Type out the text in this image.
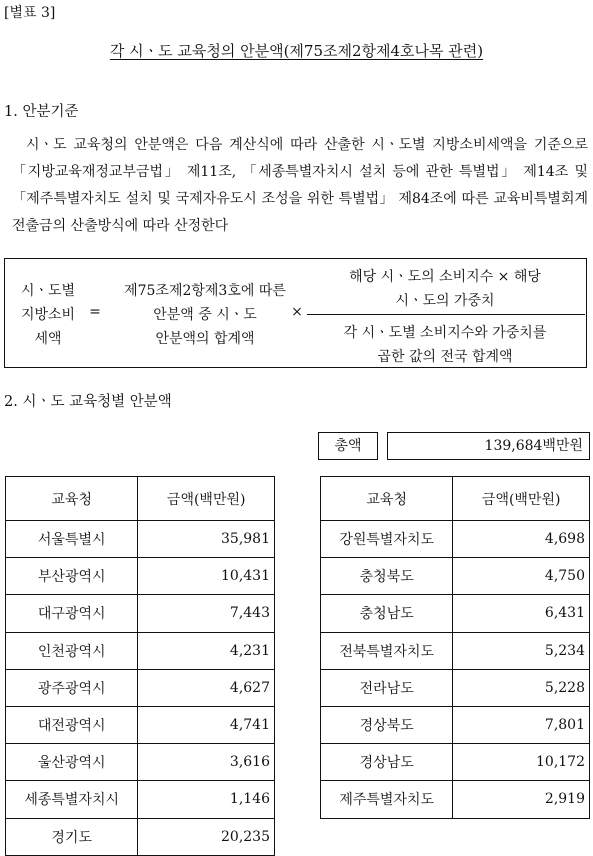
[별표 3]
각 시ㆍ도 교육청의 안분액(제75조제2항제4호나목 관련)
1. 안분기준
시ㆍ도 교육청의 안분액은 다음 계산식에 따라 산출한 시ㆍ도별 지방소비세액을 기준으로 「지방교육재정교부금법」 제11조, 「세종특별자치시 설치 등에 관한 특별법」 제14조 및 「제주특별자치도 설치 및 국제자유도시 조성을 위한 특별법」 제84조에 따른 교육비특별회계 전출금의 산출방식에 따라 산정한다
시ㆍ도별
지방소비
세액
=
제75조제2항제3호에 따른
안분액 중 시ㆍ도
안분액의 합계액
×
해당 시ㆍ도의 소비지수 × 해당
시ㆍ도의 가중치
각 시ㆍ도별 소비지수와 가중치를
곱한 값의 전국 합계액
2. 시ㆍ도 교육청별 안분액
총액	139,684백만원
교육청	금액(백만원)
서울특별시	35,981
부산광역시	10,431
대구광역시	7,443
인천광역시	4,231
광주광역시	4,627
대전광역시	4,741
울산광역시	3,616
세종특별자치시	1,146
경기도	20,235
교육청	금액(백만원)
강원특별자치도	4,698
충청북도	4,750
충청남도	6,431
전북특별자치도	5,234
전라남도	5,228
경상북도	7,801
경상남도	10,172
제주특별자치도	2,919
